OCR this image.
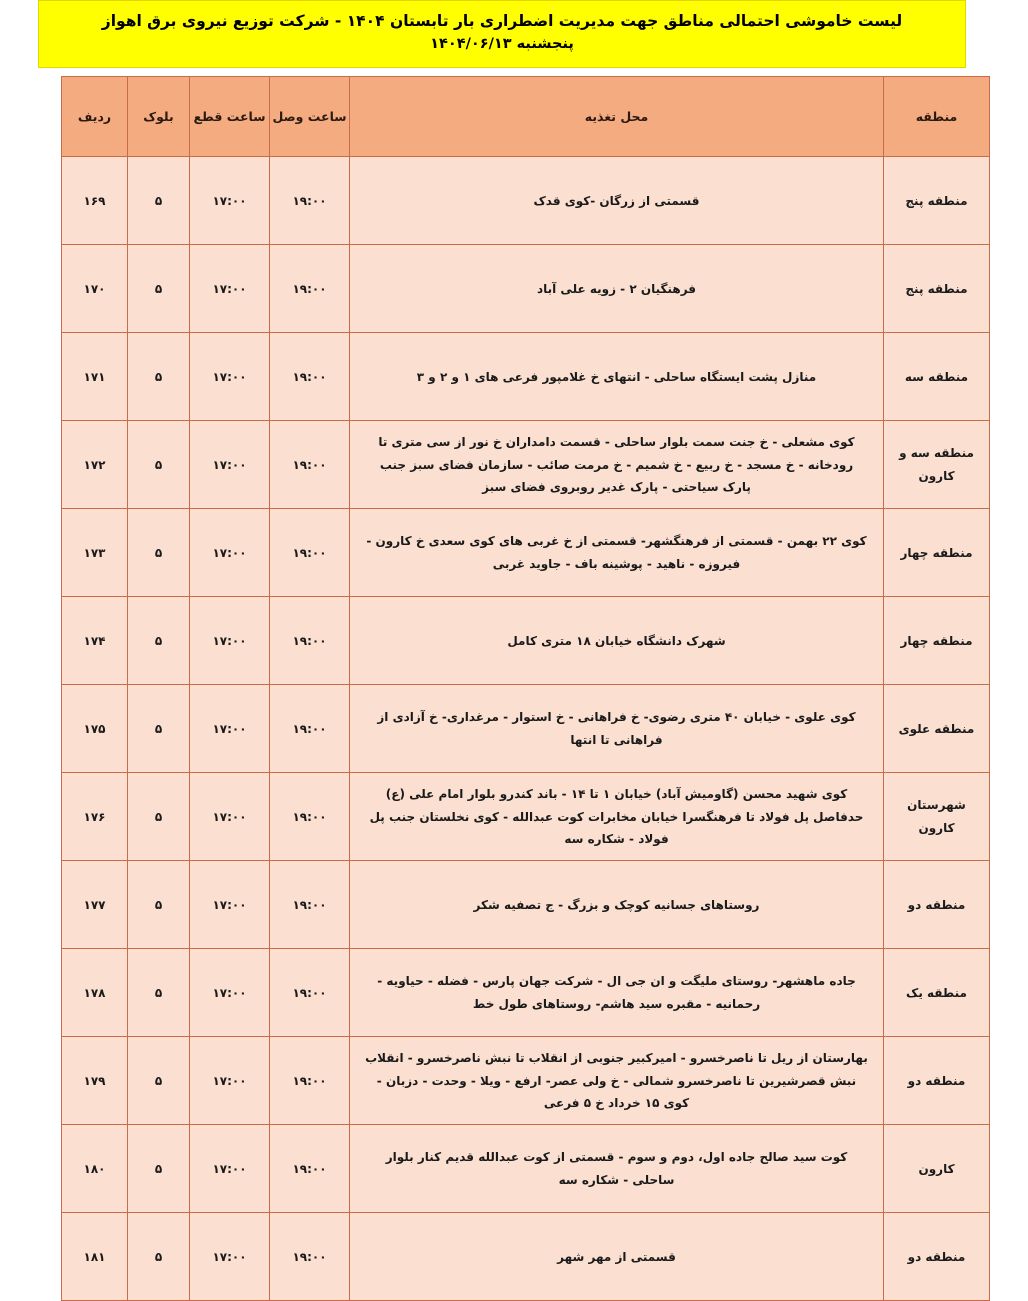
لیست خاموشی احتمالی مناطق جهت مدیریت اضطراری بار تابستان ۱۴۰۴ - شرکت توزیع نیروی برق اهواز
پنجشنبه ۱۴۰۴/۰۶/۱۳
منطقه	محل تغذیه	ساعت وصل	ساعت قطع	بلوک	ردیف
منطقه پنج	قسمتی از زرگان -کوی قدک	۱۹:۰۰	۱۷:۰۰	۵	۱۶۹
منطقه پنج	فرهنگیان ۲ - زویه علی آباد	۱۹:۰۰	۱۷:۰۰	۵	۱۷۰
منطقه سه	منازل پشت ایستگاه ساحلی - انتهای خ غلامپور فرعی های ۱ و ۲ و ۳	۱۹:۰۰	۱۷:۰۰	۵	۱۷۱
منطقه سه و کارون	کوی مشعلی - خ جنت سمت بلوار ساحلی - قسمت دامداران خ نور از سی متری تا رودخانه - خ مسجد - خ ربیع - خ شمیم - خ مرمت صائب - سازمان فضای سبز جنب پارک سیاحتی - پارک غدیر روبروی فضای سبز	۱۹:۰۰	۱۷:۰۰	۵	۱۷۲
منطقه چهار	کوی ۲۲ بهمن - قسمتی از فرهنگشهر- قسمتی از خ غربی های کوی سعدی خ کارون - فیروزه - ناهید - پوشینه باف - جاوید غربی	۱۹:۰۰	۱۷:۰۰	۵	۱۷۳
منطقه چهار	شهرک دانشگاه خیابان ۱۸ متری کامل	۱۹:۰۰	۱۷:۰۰	۵	۱۷۴
منطقه علوی	کوی علوی - خیابان ۴۰ متری رضوی- خ فراهانی - خ استوار - مرغداری- خ آزادی از فراهانی تا انتها	۱۹:۰۰	۱۷:۰۰	۵	۱۷۵
شهرستان کارون	کوی شهید محسن (گاومیش آباد) خیابان ۱ تا ۱۴ - باند کندرو بلوار امام علی (ع) حدفاصل پل فولاد تا فرهنگسرا خیابان مخابرات کوت عبدالله - کوی نخلستان جنب پل فولاد - شکاره سه	۱۹:۰۰	۱۷:۰۰	۵	۱۷۶
منطقه دو	روستاهای جسانیه کوچک و بزرگ - ج تصفیه شکر	۱۹:۰۰	۱۷:۰۰	۵	۱۷۷
منطقه یک	جاده ماهشهر- روستای ملیگت و ان جی ال - شرکت جهان پارس - فضله - حیاویه - رحمانیه - مقبره سید هاشم- روستاهای طول خط	۱۹:۰۰	۱۷:۰۰	۵	۱۷۸
منطقه دو	بهارستان از ریل تا ناصرخسرو - امیرکبیر جنوبی از انقلاب تا نبش ناصرخسرو - انقلاب نبش قصرشیرین تا ناصرخسرو شمالی - خ ولی عصر- ارفع - ویلا - وحدت - دزبان - کوی ۱۵ خرداد خ ۵ فرعی	۱۹:۰۰	۱۷:۰۰	۵	۱۷۹
کارون	کوت سید صالح جاده اول، دوم و سوم - قسمتی از کوت عبدالله قدیم کنار بلوار ساحلی - شکاره سه	۱۹:۰۰	۱۷:۰۰	۵	۱۸۰
منطقه دو	قسمتی از مهر شهر	۱۹:۰۰	۱۷:۰۰	۵	۱۸۱
